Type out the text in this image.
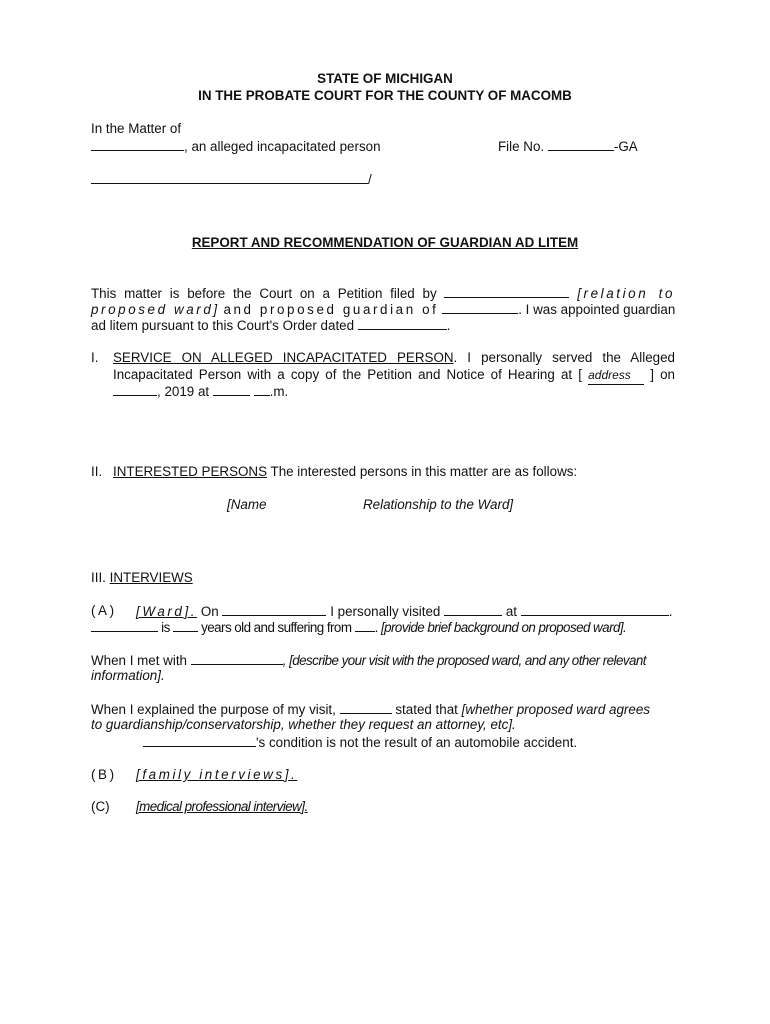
STATE OF MICHIGAN
IN THE PROBATE COURT FOR THE COUNTY OF MACOMB
In the Matter of
, an alleged incapacitated person	File No.	-GA
/
REPORT AND RECOMMENDATION OF GUARDIAN AD LITEM
This matter is before the Court on a Petition filed by	[relation to
proposed ward] and proposed guardian of	. I was appointed guardian
ad litem pursuant to this Court's Order dated	.
I. SERVICE ON ALLEGED INCAPACITATED PERSON. I personally served the Alleged
Incapacitated Person with a copy of the Petition and Notice of Hearing at [ address ] on
, 2019 at	.m.
II. INTERESTED PERSONS The interested persons in this matter are as follows:
[Name	Relationship to the Ward]
III. INTERVIEWS
(A) [Ward]. On	I personally visited	at	.
is years old and suffering from . [provide brief background on proposed ward].
When I met with	, [describe your visit with the proposed ward, and any other relevant
information].
When I explained the purpose of my visit,	stated that [whether proposed ward agrees
to guardianship/conservatorship, whether they request an attorney, etc].
's condition is not the result of an automobile accident.
(B) [family interviews].
(C) [medical professional interview].
